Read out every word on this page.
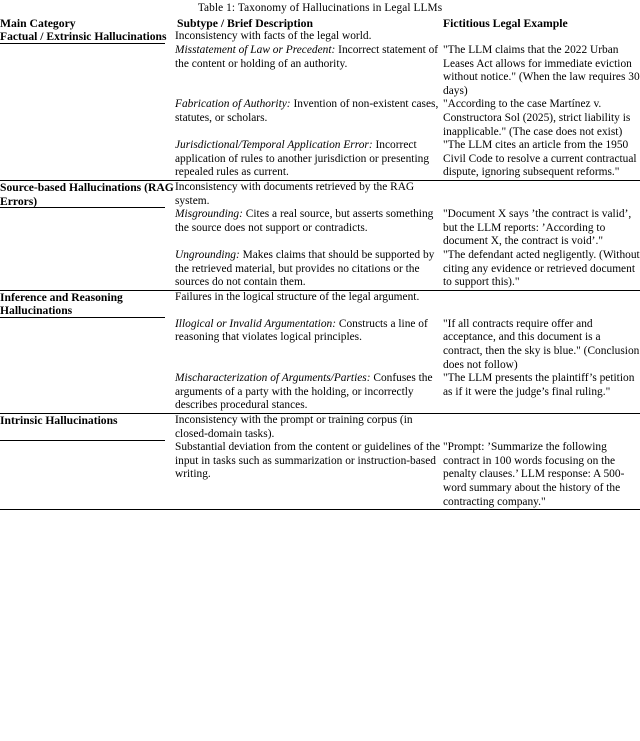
Table 1: Taxonomy of Hallucinations in Legal LLMs
Main Category	Subtype / Brief Description	Fictitious Legal Example
Factual / Extrinsic Hallucinations	Inconsistency with facts of the legal world.	
	Misstatement of Law or Precedent: Incorrect statement of the content or holding of an authority.	"The LLM claims that the 2022 Urban Leases Act allows for immediate eviction without notice." (When the law requires 30 days)
	Fabrication of Authority: Invention of non-existent cases, statutes, or scholars.	"According to the case Martínez v. Constructora Sol (2025), strict liability is inapplicable." (The case does not exist)
	Jurisdictional/Temporal Application Error: Incorrect application of rules to another jurisdiction or presenting repealed rules as current.	"The LLM cites an article from the 1950 Civil Code to resolve a current contractual dispute, ignoring subsequent reforms."
Source-based Hallucinations (RAG Errors)	Inconsistency with documents retrieved by the RAG system.	
	Misgrounding: Cites a real source, but asserts something the source does not support or contradicts.	"Document X says ’the contract is valid’, but the LLM reports: ’According to document X, the contract is void’."
	Ungrounding: Makes claims that should be supported by the retrieved material, but provides no citations or the sources do not contain them.	"The defendant acted negligently. (Without citing any evidence or retrieved document to support this)."
Inference and Reasoning Hallucinations	Failures in the logical structure of the legal argument.	
	Illogical or Invalid Argumentation: Constructs a line of reasoning that violates logical principles.	"If all contracts require offer and acceptance, and this document is a contract, then the sky is blue." (Conclusion does not follow)
	Mischaracterization of Arguments/Parties: Confuses the arguments of a party with the holding, or incorrectly describes procedural stances.	"The LLM presents the plaintiff’s petition as if it were the judge’s final ruling."
Intrinsic Hallucinations	Inconsistency with the prompt or training corpus (in closed-domain tasks).	
	Substantial deviation from the content or guidelines of the input in tasks such as summarization or instruction-based writing.	"Prompt: ’Summarize the following contract in 100 words focusing on the penalty clauses.’ LLM response: A 500-word summary about the history of the contracting company."
